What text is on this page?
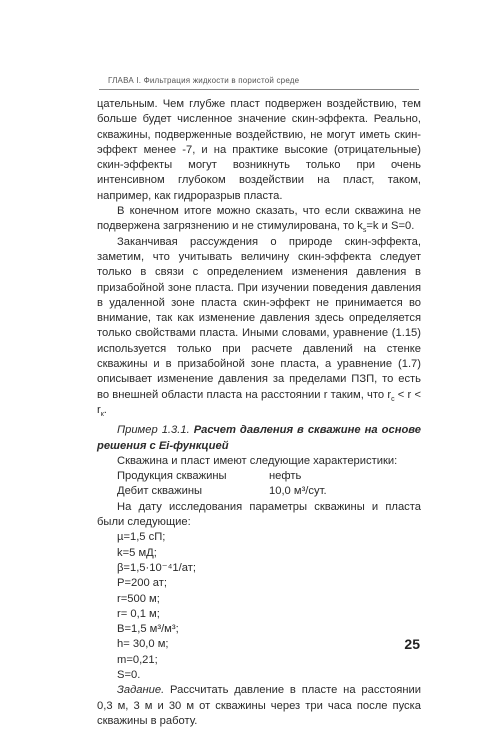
ГЛАВА I. Фильтрация жидкости в пористой среде

цательным. Чем глубже пласт подвержен воздействию, тем больше будет численное значение скин-эффекта. Реально, скважины, подверженные воздействию, не могут иметь скин-эффект менее -7, и на практике высокие (отрицательные) скин-эффекты могут возникнуть только при очень интенсивном глубоком воздействии на пласт, таком, например, как гидроразрыв пласта.

В конечном итоге можно сказать, что если скважина не подвержена загрязнению и не стимулирована, то $k_s=k$ и S=0.

Заканчивая рассуждения о природе скин-эффекта, заметим, что учитывать величину скин-эффекта следует только в связи с определением изменения давления в призабойной зоне пласта. При изучении поведения давления в удаленной зоне пласта скин-эффект не принимается во внимание, так как изменение давления здесь определяется только свойствами пласта. Иными словами, уравнение (1.15) используется только при расчете давлений на стенке скважины и в призабойной зоне пласта, а уравнение (1.7) описывает изменение давления за пределами ПЗП, то есть во внешней области пласта на расстоянии r таким, что $r_c < r < r_к$.

Пример 1.3.1. Расчет давления в скважине на основе решения с Ei-функцией

Скважина и пласт имеют следующие характеристики:

Продукция скважины	нефть
Дебит скважины	10,0 м³/сут.

На дату исследования параметры скважины и пласта были следующие:

µ=1,5 сП;
k=5 мД;
β=1,5·10⁻⁴1/ат;
P=200 ат;
r=500 м;
r= 0,1 м;
B=1,5 м³/м³;
h= 30,0 м;
m=0,21;
S=0.

Задание. Рассчитать давление в пласте на расстоянии 0,3 м, 3 м и 30 м от скважины через три часа после пуска скважины в работу.

25
